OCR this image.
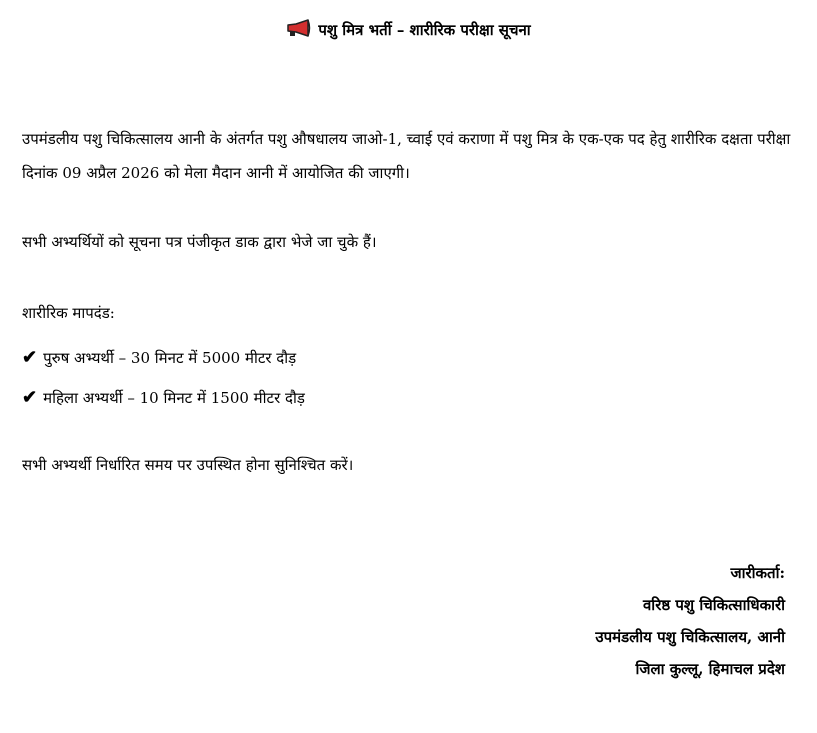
पशु मित्र भर्ती – शारीरिक परीक्षा सूचना

उपमंडलीय पशु चिकित्सालय आनी के अंतर्गत पशु औषधालय जाओ-1, च्वाई एवं कराणा में पशु मित्र के एक-एक पद हेतु शारीरिक दक्षता परीक्षा दिनांक 09 अप्रैल 2026 को मेला मैदान आनी में आयोजित की जाएगी।

सभी अभ्यर्थियों को सूचना पत्र पंजीकृत डाक द्वारा भेजे जा चुके हैं।

शारीरिक मापदंड:

✔ पुरुष अभ्यर्थी – 30 मिनट में 5000 मीटर दौड़
✔ महिला अभ्यर्थी – 10 मिनट में 1500 मीटर दौड़

सभी अभ्यर्थी निर्धारित समय पर उपस्थित होना सुनिश्चित करें।

जारीकर्ता:
वरिष्ठ पशु चिकित्साधिकारी
उपमंडलीय पशु चिकित्सालय, आनी
जिला कुल्लू, हिमाचल प्रदेश
